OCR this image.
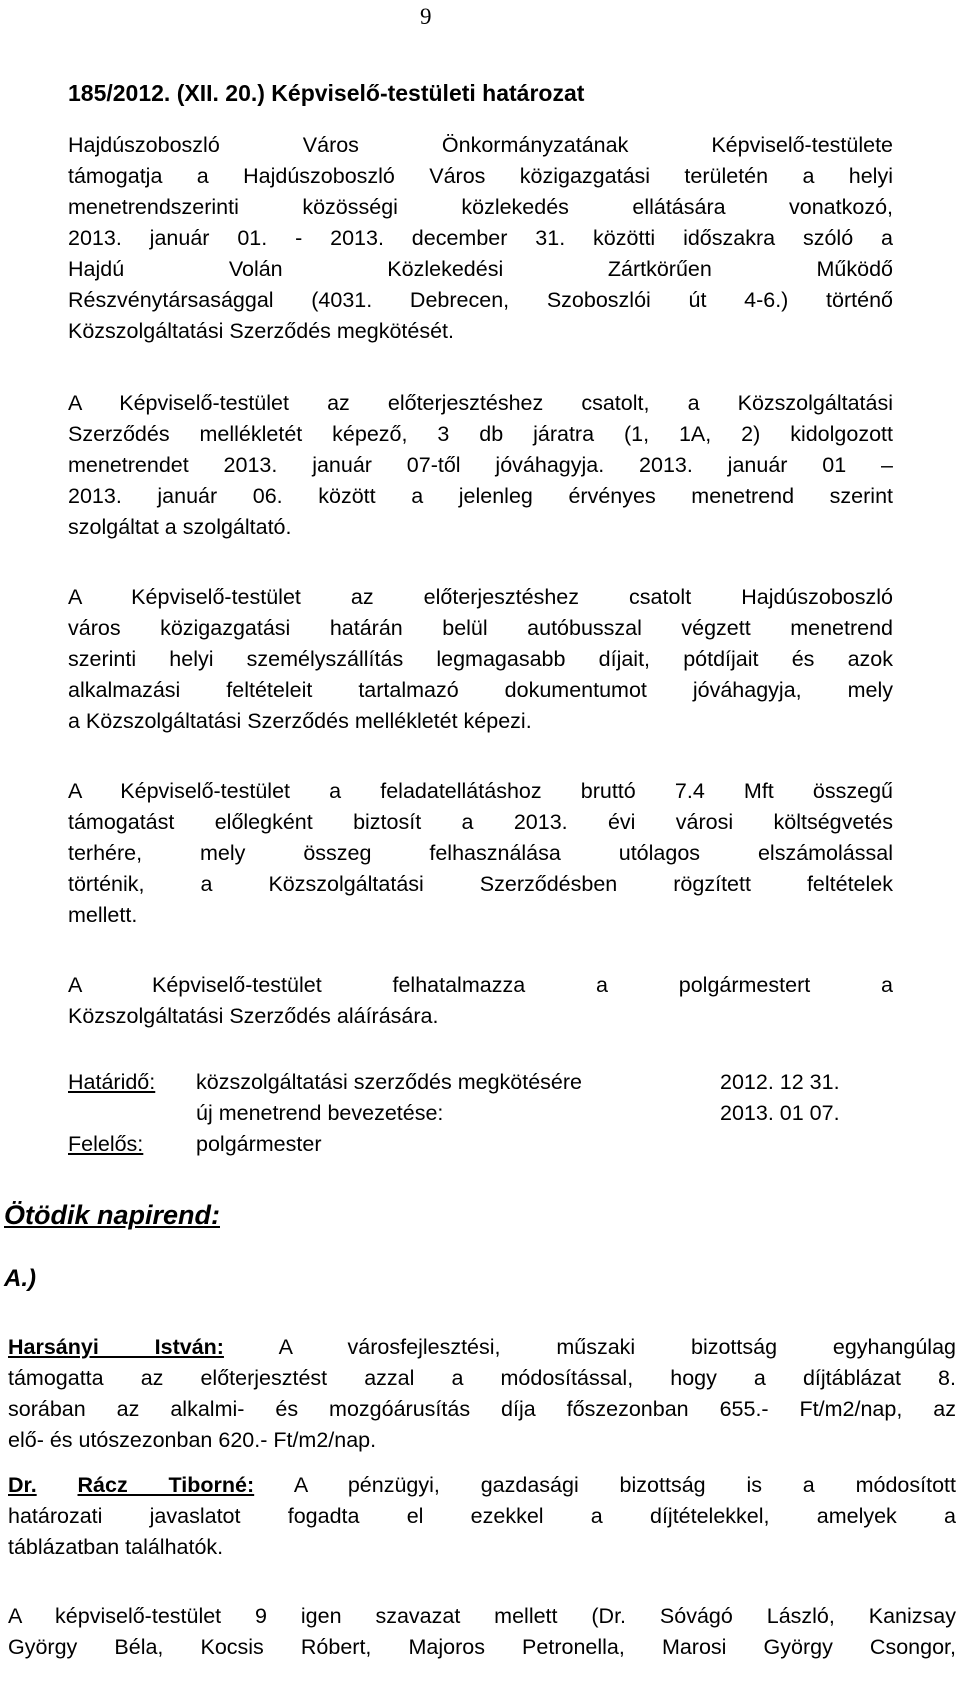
9
185/2012. (XII. 20.) Képviselő-testületi határozat
Hajdúszoboszló Város Önkormányzatának Képviselő-testülete
támogatja a Hajdúszoboszló Város közigazgatási területén a helyi
menetrendszerinti közösségi közlekedés ellátására vonatkozó,
2013. január 01. - 2013. december 31. közötti időszakra szóló a
Hajdú Volán Közlekedési Zártkörűen Működő
Részvénytársasággal (4031. Debrecen, Szoboszlói út 4-6.) történő
Közszolgáltatási Szerződés megkötését.
A Képviselő-testület az előterjesztéshez csatolt, a Közszolgáltatási
Szerződés mellékletét képező, 3 db járatra (1, 1A, 2) kidolgozott
menetrendet 2013. január 07-től jóváhagyja. 2013. január 01 –
2013. január 06. között a jelenleg érvényes menetrend szerint
szolgáltat a szolgáltató.
A Képviselő-testület az előterjesztéshez csatolt Hajdúszoboszló
város közigazgatási határán belül autóbusszal végzett menetrend
szerinti helyi személyszállítás legmagasabb díjait, pótdíjait és azok
alkalmazási feltételeit tartalmazó dokumentumot jóváhagyja, mely
a Közszolgáltatási Szerződés mellékletét képezi.
A Képviselő-testület a feladatellátáshoz bruttó 7.4 Mft összegű
támogatást előlegként biztosít a 2013. évi városi költségvetés
terhére, mely összeg felhasználása utólagos elszámolással
történik, a Közszolgáltatási Szerződésben rögzített feltételek
mellett.
A Képviselő-testület felhatalmazza a polgármestert a
Közszolgáltatási Szerződés aláírására.
Határidő: közszolgáltatási szerződés megkötésére	2012. 12 31.
új menetrend bevezetése:	2013. 01 07.
Felelős: polgármester
Ötödik napirend:
A.)
Harsányi István:	A városfejlesztési, műszaki bizottság egyhangúlag
támogatta az előterjesztést azzal a módosítással, hogy a díjtáblázat 8.
sorában az alkalmi- és mozgóárusítás díja főszezonban 655.- Ft/m2/nap, az
elő- és utószezonban 620.- Ft/m2/nap.
Dr. Rácz Tiborné: A pénzügyi, gazdasági bizottság is a módosított
határozati javaslatot fogadta el ezekkel a díjtételekkel, amelyek a
táblázatban találhatók.
A képviselő-testület 9 igen szavazat mellett (Dr. Sóvágó László, Kanizsay
György Béla, Kocsis Róbert, Majoros Petronella, Marosi György Csongor,
